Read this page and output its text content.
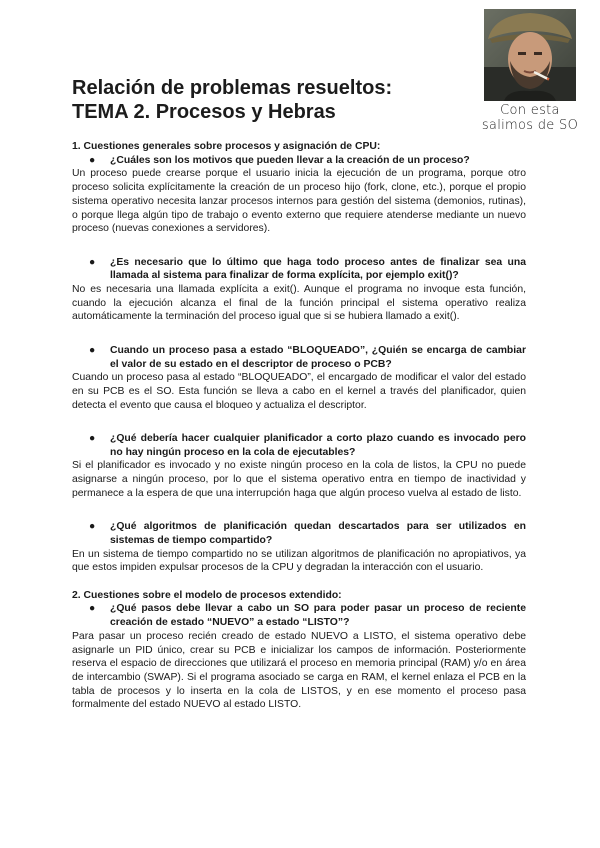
Relación de problemas resueltos:
TEMA 2. Procesos y Hebras	Con esta
salimos de SO

1. Cuestiones generales sobre procesos y asignación de CPU:

● ¿Cuáles son los motivos que pueden llevar a la creación de un proceso?

Un proceso puede crearse porque el usuario inicia la ejecución de un programa, porque otro proceso solicita explícitamente la creación de un proceso hijo (fork, clone, etc.), porque el propio sistema operativo necesita lanzar procesos internos para gestión del sistema (demonios, rutinas), o porque llega algún tipo de trabajo o evento externo que requiere atenderse mediante un nuevo proceso (nuevas conexiones a servidores).

● ¿Es necesario que lo último que haga todo proceso antes de finalizar sea una llamada al sistema para finalizar de forma explícita, por ejemplo exit()?

No es necesaria una llamada explícita a exit(). Aunque el programa no invoque esta función, cuando la ejecución alcanza el final de la función principal el sistema operativo realiza automáticamente la terminación del proceso igual que si se hubiera llamado a exit().

● Cuando un proceso pasa a estado “BLOQUEADO”, ¿Quién se encarga de cambiar el valor de su estado en el descriptor de proceso o PCB?

Cuando un proceso pasa al estado “BLOQUEADO”, el encargado de modificar el valor del estado en su PCB es el SO. Esta función se lleva a cabo en el kernel a través del planificador, quien detecta el evento que causa el bloqueo y actualiza el descriptor.

● ¿Qué debería hacer cualquier planificador a corto plazo cuando es invocado pero no hay ningún proceso en la cola de ejecutables?

Si el planificador es invocado y no existe ningún proceso en la cola de listos, la CPU no puede asignarse a ningún proceso, por lo que el sistema operativo entra en tiempo de inactividad y permanece a la espera de que una interrupción haga que algún proceso vuelva al estado de listo.

● ¿Qué algoritmos de planificación quedan descartados para ser utilizados en sistemas de tiempo compartido?

En un sistema de tiempo compartido no se utilizan algoritmos de planificación no apropiativos, ya que estos impiden expulsar procesos de la CPU y degradan la interacción con el usuario.

2. Cuestiones sobre el modelo de procesos extendido:

● ¿Qué pasos debe llevar a cabo un SO para poder pasar un proceso de reciente creación de estado “NUEVO” a estado “LISTO”?

Para pasar un proceso recién creado de estado NUEVO a LISTO, el sistema operativo debe asignarle un PID único, crear su PCB e inicializar los campos de información. Posteriormente reserva el espacio de direcciones que utilizará el proceso en memoria principal (RAM) y/o en área de intercambio (SWAP). Si el programa asociado se carga en RAM, el kernel enlaza el PCB en la tabla de procesos y lo inserta en la cola de LISTOS, y en ese momento el proceso pasa formalmente del estado NUEVO al estado LISTO.
